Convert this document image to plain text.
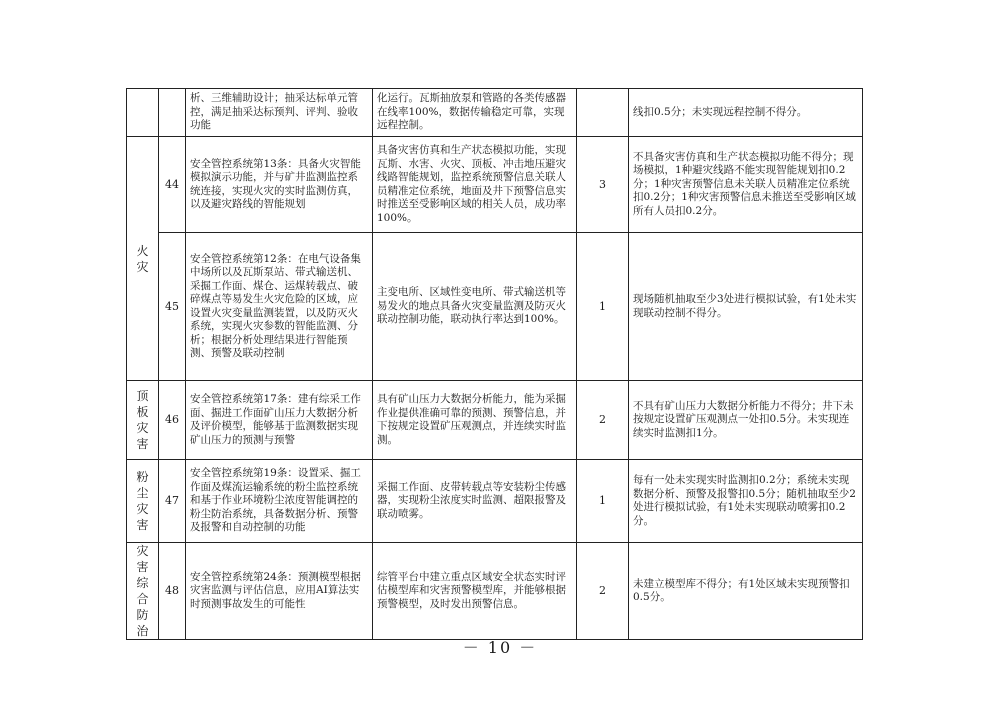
		析、三维辅助设计；抽采达标单元管控，满足抽采达标预判、评判、验收功能	化运行。瓦斯抽放泵和管路的各类传感器在线率100%，数据传输稳定可靠，实现远程控制。		线扣0.5分；未实现远程控制不得分。
火灾	44	安全管控系统第13条：具备火灾智能模拟演示功能，并与矿井监测监控系统连接，实现火灾的实时监测仿真，以及避灾路线的智能规划	具备灾害仿真和生产状态模拟功能，实现瓦斯、水害、火灾、顶板、冲击地压避灾线路智能规划，监控系统预警信息关联人员精准定位系统，地面及井下预警信息实时推送至受影响区域的相关人员，成功率100%。	3	不具备灾害仿真和生产状态模拟功能不得分；现场模拟，1种避灾线路不能实现智能规划扣0.2分；1种灾害预警信息未关联人员精准定位系统扣0.2分；1种灾害预警信息未推送至受影响区域所有人员扣0.2分。
	45	安全管控系统第12条：在电气设备集中场所以及瓦斯泵站、带式输送机、采掘工作面、煤仓、运煤转载点、破碎煤点等易发生火灾危险的区域，应设置火灾变量监测装置，以及防灭火系统，实现火灾参数的智能监测、分析；根据分析处理结果进行智能预测、预警及联动控制	主变电所、区域性变电所、带式输送机等易发火的地点具备火灾变量监测及防灭火联动控制功能，联动执行率达到100%。	1	现场随机抽取至少3处进行模拟试验，有1处未实现联动控制不得分。
顶板灾害	46	安全管控系统第17条：建有综采工作面、掘进工作面矿山压力大数据分析及评价模型，能够基于监测数据实现矿山压力的预测与预警	具有矿山压力大数据分析能力，能为采掘作业提供准确可靠的预测、预警信息，并下按规定设置矿压观测点，并连续实时监测。	2	不具有矿山压力大数据分析能力不得分；井下未按规定设置矿压观测点一处扣0.5分。未实现连续实时监测扣1分。
粉尘灾害	47	安全管控系统第19条：设置采、掘工作面及煤流运输系统的粉尘监控系统和基于作业环境粉尘浓度智能调控的粉尘防治系统，具备数据分析、预警及报警和自动控制的功能	采掘工作面、皮带转载点等安装粉尘传感器，实现粉尘浓度实时监测、超限报警及联动喷雾。	1	每有一处未实现实时监测扣0.2分；系统未实现数据分析、预警及报警扣0.5分；随机抽取至少2处进行模拟试验，有1处未实现联动喷雾扣0.2分。
灾害综合防治	48	安全管控系统第24条：预测模型根据灾害监测与评估信息，应用AI算法实时预测事故发生的可能性	综管平台中建立重点区域安全状态实时评估模型库和灾害预警模型库，并能够根据预警模型，及时发出预警信息。	2	未建立模型库不得分；有1处区域未实现预警扣0.5分。
－ 10 －
